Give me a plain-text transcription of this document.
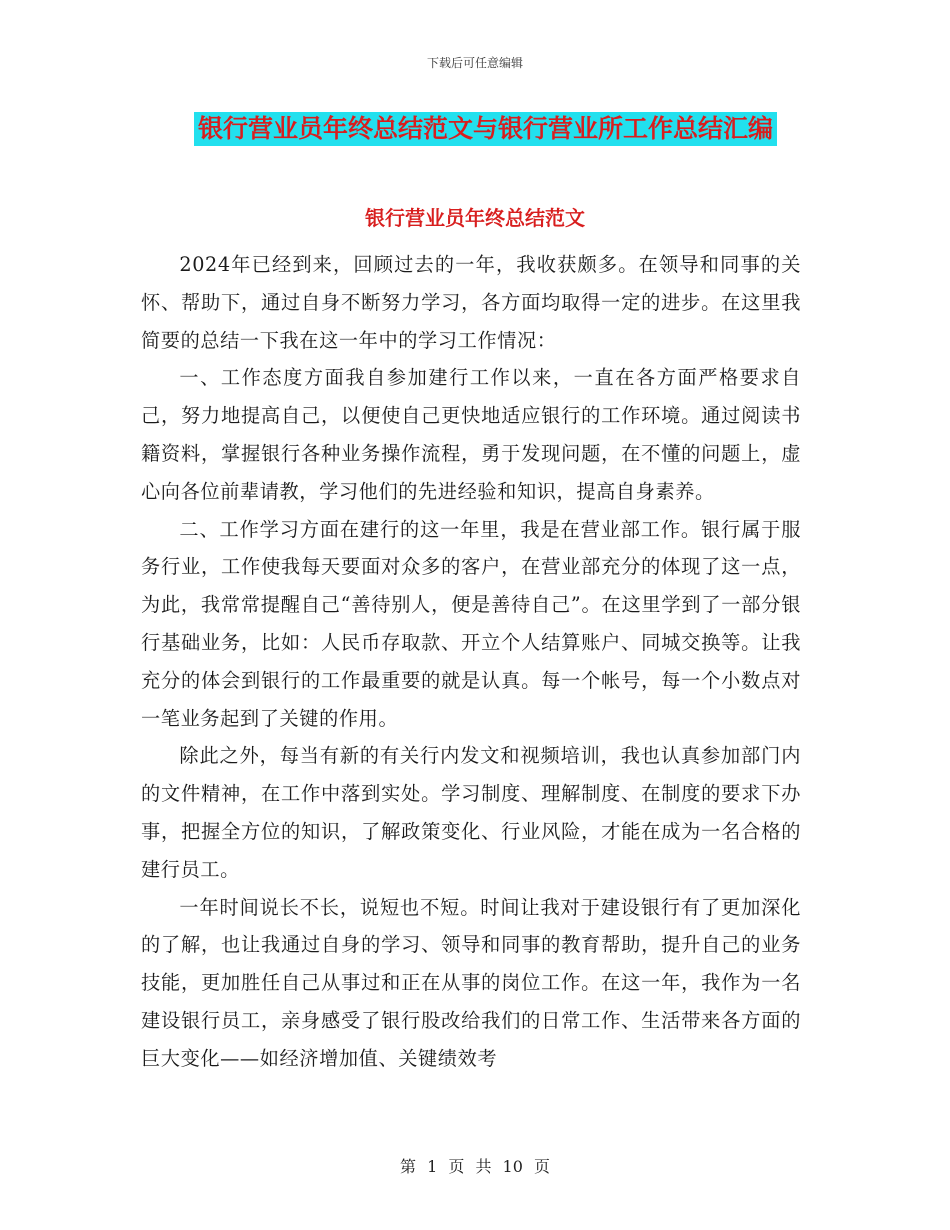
下载后可任意编辑
银行营业员年终总结范文与银行营业所工作总结汇编
银行营业员年终总结范文

2024年已经到来，回顾过去的一年，我收获颇多。在领导和同事的关怀、帮助下，通过自身不断努力学习，各方面均取得一定的进步。在这里我简要的总结一下我在这一年中的学习工作情况：

一、工作态度方面我自参加建行工作以来，一直在各方面严格要求自己，努力地提高自己，以便使自己更快地适应银行的工作环境。通过阅读书籍资料，掌握银行各种业务操作流程，勇于发现问题，在不懂的问题上，虚心向各位前辈请教，学习他们的先进经验和知识，提高自身素养。

二、工作学习方面在建行的这一年里，我是在营业部工作。银行属于服务行业，工作使我每天要面对众多的客户，在营业部充分的体现了这一点，为此，我常常提醒自己“善待别人，便是善待自己”。在这里学到了一部分银行基础业务，比如：人民币存取款、开立个人结算账户、同城交换等。让我充分的体会到银行的工作最重要的就是认真。每一个帐号，每一个小数点对一笔业务起到了关键的作用。

除此之外，每当有新的有关行内发文和视频培训，我也认真参加部门内的文件精神，在工作中落到实处。学习制度、理解制度、在制度的要求下办事，把握全方位的知识，了解政策变化、行业风险，才能在成为一名合格的建行员工。

一年时间说长不长，说短也不短。时间让我对于建设银行有了更加深化的了解，也让我通过自身的学习、领导和同事的教育帮助，提升自己的业务技能，更加胜任自己从事过和正在从事的岗位工作。在这一年，我作为一名建设银行员工，亲身感受了银行股改给我们的日常工作、生活带来各方面的巨大变化——如经济增加值、关键绩效考

第 1 页 共 10 页
